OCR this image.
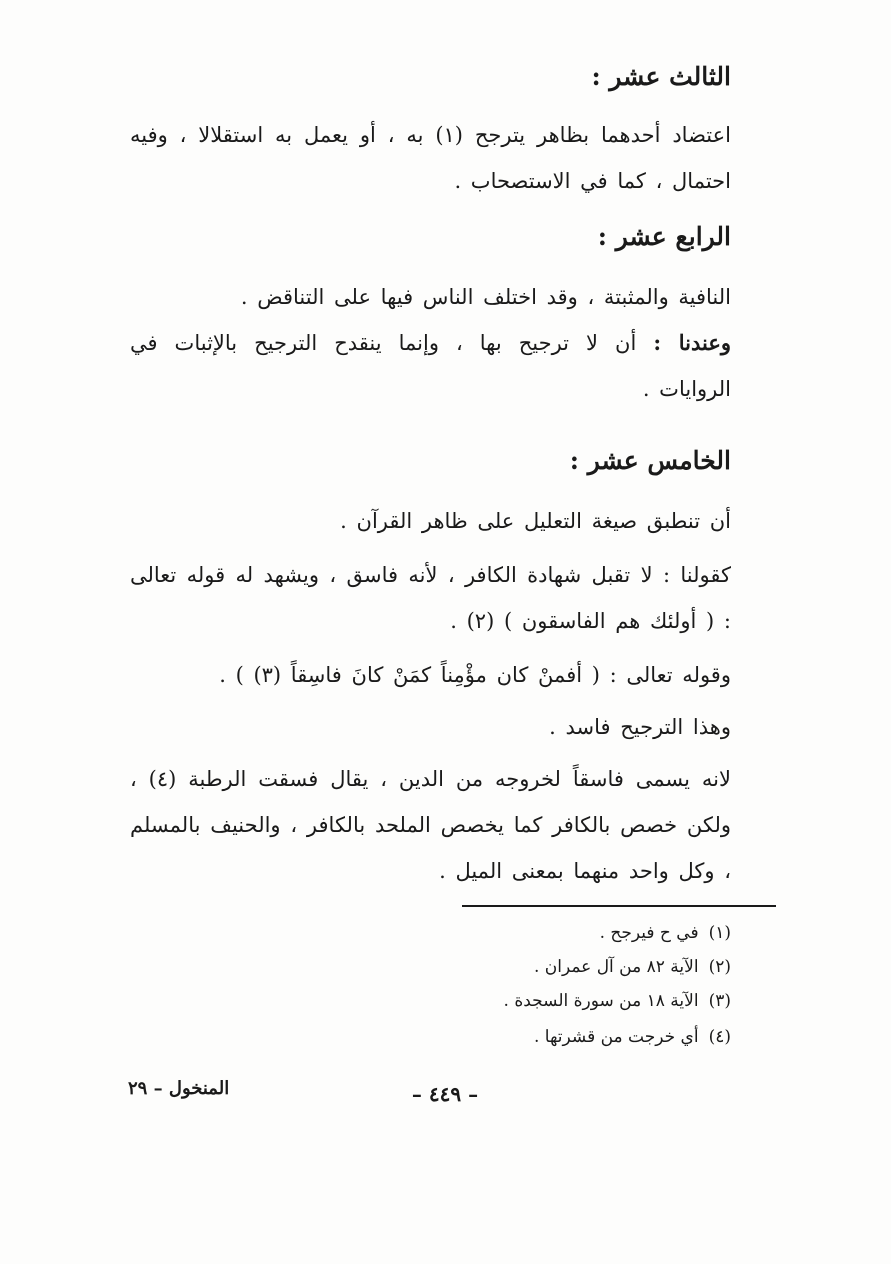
الثالث عشر :
اعتضاد أحدهما بظاهر يترجح (١) به ، أو يعمل به استقلالا ، وفيه احتمال ، كما في الاستصحاب .
الرابع عشر :
النافية والمثبتة ، وقد اختلف الناس فيها على التناقض .
وعندنا : أن لا ترجيح بها ، وإنما ينقدح الترجيح بالإثبات في الروايات .
الخامس عشر :
أن تنطبق صيغة التعليل على ظاهر القرآن .
كقولنا : لا تقبل شهادة الكافر ، لأنه فاسق ، ويشهد له قوله تعالى : ( أولئك هم الفاسقون ) (٢) .
وقوله تعالى : ( أفمنْ كان مؤْمِناً كمَنْ كانَ فاسِقاً (٣) ) .
وهذا الترجيح فاسد .
لانه يسمى فاسقاً لخروجه من الدين ، يقال فسقت الرطبة (٤) ، ولكن خصص بالكافر كما يخصص الملحد بالكافر ، والحنيف بالمسلم ، وكل واحد منهما بمعنى الميل .
(١)في ح فيرجح .
(٢)الآية ٨٢ من آل عمران .
(٣)الآية ١٨ من سورة السجدة .
(٤)أي خرجت من قشرتها .
– ٤٤٩ –
المنخول – ٢٩
